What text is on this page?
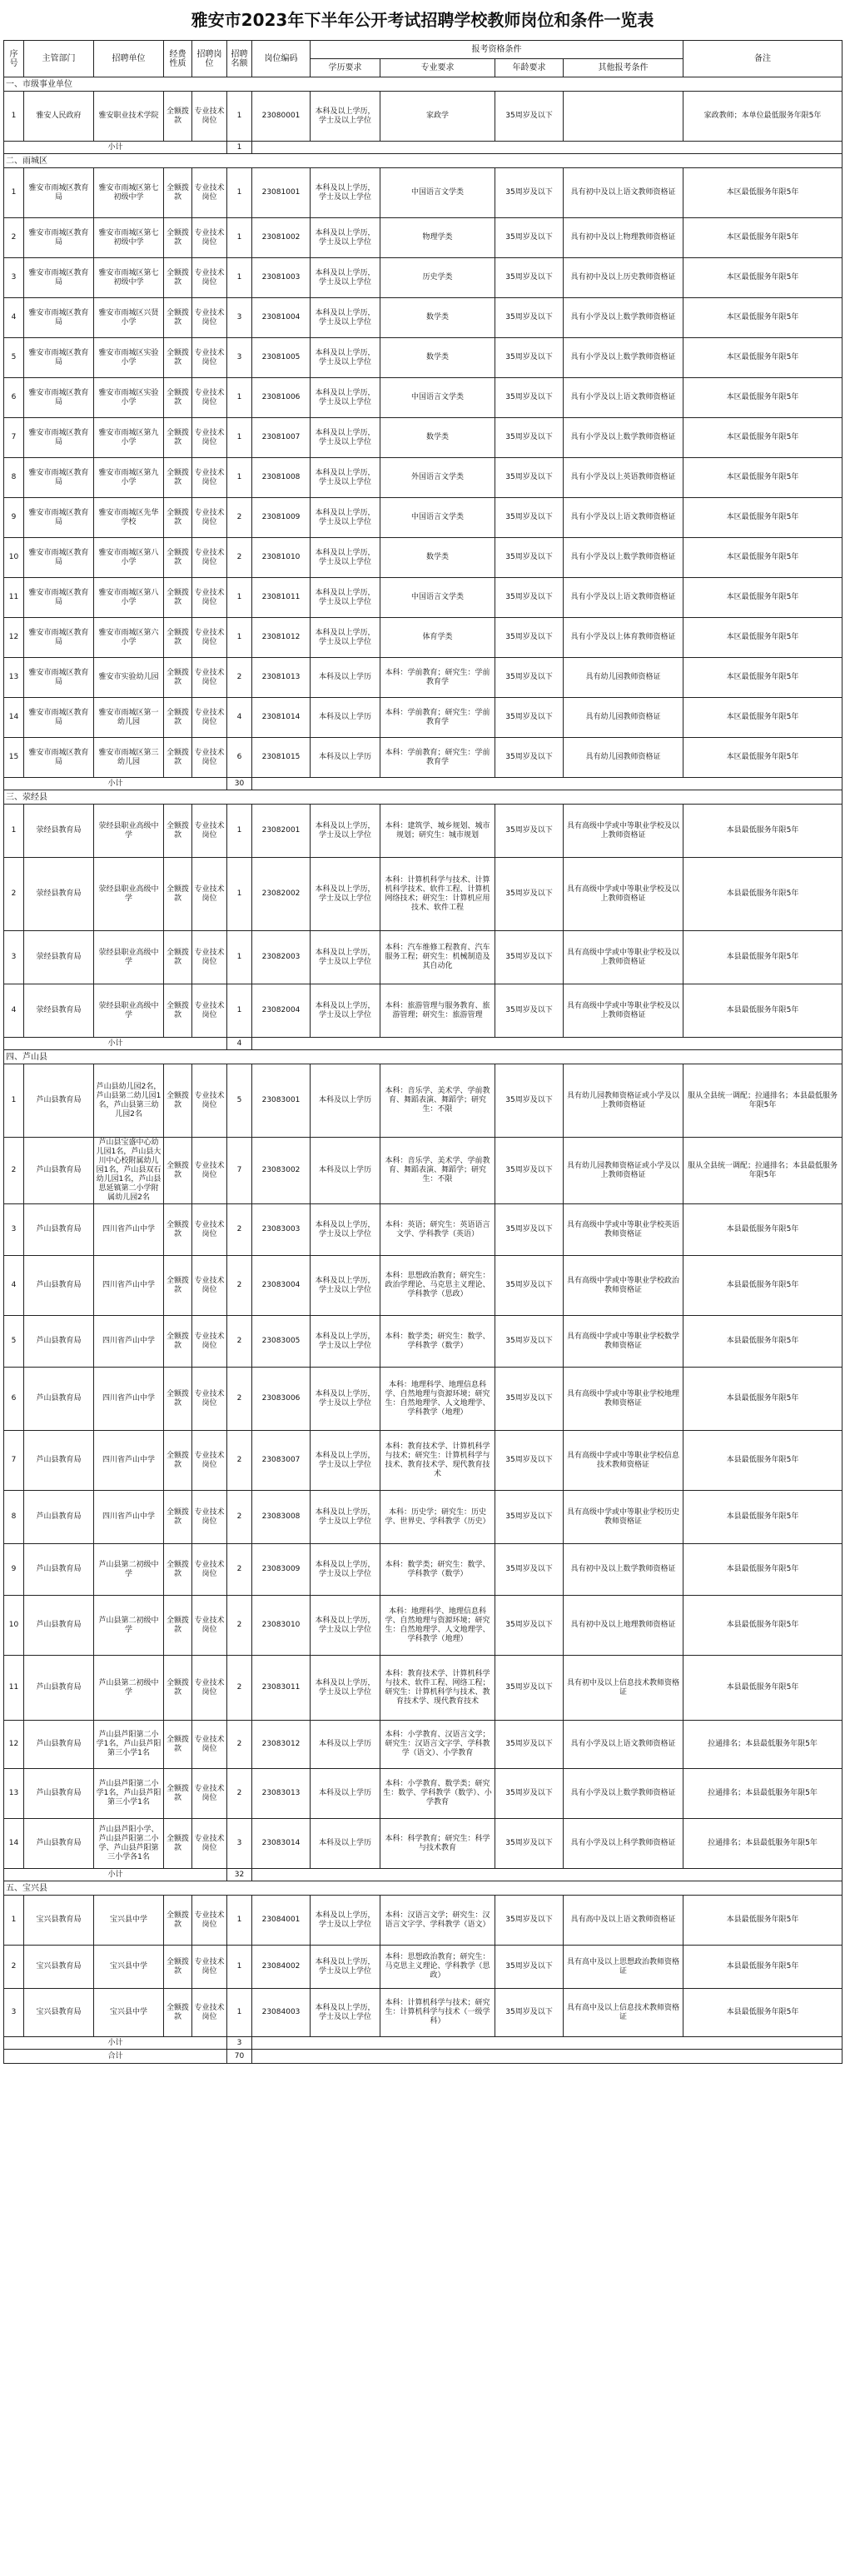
雅安市2023年下半年公开考试招聘学校教师岗位和条件一览表
序号	主管部门	招聘单位	经费性质	招聘岗位	招聘名额	岗位编码	报考资格条件				备注
							学历要求	专业要求	年龄要求	其他报考条件	
一、市级事业单位											
1	雅安人民政府	雅安职业技术学院	全额拨款	专业技术岗位	1	23080001	本科及以上学历，学士及以上学位	家政学	35周岁及以下		家政教师；本单位最低服务年限5年
小计					1						
二、雨城区											
1	雅安市雨城区教育局	雅安市雨城区第七初级中学	全额拨款	专业技术岗位	1	23081001	本科及以上学历，学士及以上学位	中国语言文学类	35周岁及以下	具有初中及以上语文教师资格证	本区最低服务年限5年
2	雅安市雨城区教育局	雅安市雨城区第七初级中学	全额拨款	专业技术岗位	1	23081002	本科及以上学历，学士及以上学位	物理学类	35周岁及以下	具有初中及以上物理教师资格证	本区最低服务年限5年
3	雅安市雨城区教育局	雅安市雨城区第七初级中学	全额拨款	专业技术岗位	1	23081003	本科及以上学历，学士及以上学位	历史学类	35周岁及以下	具有初中及以上历史教师资格证	本区最低服务年限5年
4	雅安市雨城区教育局	雅安市雨城区兴贤小学	全额拨款	专业技术岗位	3	23081004	本科及以上学历，学士及以上学位	数学类	35周岁及以下	具有小学及以上数学教师资格证	本区最低服务年限5年
5	雅安市雨城区教育局	雅安市雨城区实验小学	全额拨款	专业技术岗位	3	23081005	本科及以上学历，学士及以上学位	数学类	35周岁及以下	具有小学及以上数学教师资格证	本区最低服务年限5年
6	雅安市雨城区教育局	雅安市雨城区实验小学	全额拨款	专业技术岗位	1	23081006	本科及以上学历，学士及以上学位	中国语言文学类	35周岁及以下	具有小学及以上语文教师资格证	本区最低服务年限5年
7	雅安市雨城区教育局	雅安市雨城区第九小学	全额拨款	专业技术岗位	1	23081007	本科及以上学历，学士及以上学位	数学类	35周岁及以下	具有小学及以上数学教师资格证	本区最低服务年限5年
8	雅安市雨城区教育局	雅安市雨城区第九小学	全额拨款	专业技术岗位	1	23081008	本科及以上学历，学士及以上学位	外国语言文学类	35周岁及以下	具有小学及以上英语教师资格证	本区最低服务年限5年
9	雅安市雨城区教育局	雅安市雨城区先华学校	全额拨款	专业技术岗位	2	23081009	本科及以上学历，学士及以上学位	中国语言文学类	35周岁及以下	具有小学及以上语文教师资格证	本区最低服务年限5年
10	雅安市雨城区教育局	雅安市雨城区第八小学	全额拨款	专业技术岗位	2	23081010	本科及以上学历，学士及以上学位	数学类	35周岁及以下	具有小学及以上数学教师资格证	本区最低服务年限5年
11	雅安市雨城区教育局	雅安市雨城区第八小学	全额拨款	专业技术岗位	1	23081011	本科及以上学历，学士及以上学位	中国语言文学类	35周岁及以下	具有小学及以上语文教师资格证	本区最低服务年限5年
12	雅安市雨城区教育局	雅安市雨城区第六小学	全额拨款	专业技术岗位	1	23081012	本科及以上学历，学士及以上学位	体育学类	35周岁及以下	具有小学及以上体育教师资格证	本区最低服务年限5年
13	雅安市雨城区教育局	雅安市实验幼儿园	全额拨款	专业技术岗位	2	23081013	本科及以上学历	本科：学前教育；研究生：学前教育学	35周岁及以下	具有幼儿园教师资格证	本区最低服务年限5年
14	雅安市雨城区教育局	雅安市雨城区第一幼儿园	全额拨款	专业技术岗位	4	23081014	本科及以上学历	本科：学前教育；研究生：学前教育学	35周岁及以下	具有幼儿园教师资格证	本区最低服务年限5年
15	雅安市雨城区教育局	雅安市雨城区第三幼儿园	全额拨款	专业技术岗位	6	23081015	本科及以上学历	本科：学前教育；研究生：学前教育学	35周岁及以下	具有幼儿园教师资格证	本区最低服务年限5年
小计					30						
三、荥经县											
1	荥经县教育局	荥经县职业高级中学	全额拨款	专业技术岗位	1	23082001	本科及以上学历，学士及以上学位	本科：建筑学、城乡规划、城市规划；研究生：城市规划	35周岁及以下	具有高级中学或中等职业学校及以上教师资格证	本县最低服务年限5年
2	荥经县教育局	荥经县职业高级中学	全额拨款	专业技术岗位	1	23082002	本科及以上学历，学士及以上学位	本科：计算机科学与技术、计算机科学技术、软件工程、计算机网络技术；研究生：计算机应用技术、软件工程	35周岁及以下	具有高级中学或中等职业学校及以上教师资格证	本县最低服务年限5年
3	荥经县教育局	荥经县职业高级中学	全额拨款	专业技术岗位	1	23082003	本科及以上学历，学士及以上学位	本科：汽车维修工程教育、汽车服务工程；研究生：机械制造及其自动化	35周岁及以下	具有高级中学或中等职业学校及以上教师资格证	本县最低服务年限5年
4	荥经县教育局	荥经县职业高级中学	全额拨款	专业技术岗位	1	23082004	本科及以上学历，学士及以上学位	本科：旅游管理与服务教育、旅游管理；研究生：旅游管理	35周岁及以下	具有高级中学或中等职业学校及以上教师资格证	本县最低服务年限5年
小计					4						
四、芦山县											
1	芦山县教育局	芦山县幼儿园2名，芦山县第二幼儿园1名，芦山县第三幼儿园2名	全额拨款	专业技术岗位	5	23083001	本科及以上学历	本科：音乐学、美术学、学前教育、舞蹈表演、舞蹈学；研究生：不限	35周岁及以下	具有幼儿园教师资格证或小学及以上教师资格证	服从全县统一调配；拉通排名；本县最低服务年限5年
2	芦山县教育局	芦山县宝盛中心幼儿园1名，芦山县大川中心校附属幼儿园1名，芦山县双石幼儿园1名，芦山县思延镇第二小学附属幼儿园2名	全额拨款	专业技术岗位	7	23083002	本科及以上学历	本科：音乐学、美术学、学前教育、舞蹈表演、舞蹈学；研究生：不限	35周岁及以下	具有幼儿园教师资格证或小学及以上教师资格证	服从全县统一调配；拉通排名；本县最低服务年限5年
3	芦山县教育局	四川省芦山中学	全额拨款	专业技术岗位	2	23083003	本科及以上学历，学士及以上学位	本科：英语；研究生：英语语言文学、学科教学（英语）	35周岁及以下	具有高级中学或中等职业学校英语教师资格证	本县最低服务年限5年
4	芦山县教育局	四川省芦山中学	全额拨款	专业技术岗位	2	23083004	本科及以上学历，学士及以上学位	本科：思想政治教育；研究生：政治学理论、马克思主义理论、学科教学（思政）	35周岁及以下	具有高级中学或中等职业学校政治教师资格证	本县最低服务年限5年
5	芦山县教育局	四川省芦山中学	全额拨款	专业技术岗位	2	23083005	本科及以上学历，学士及以上学位	本科：数学类；研究生：数学、学科教学（数学）	35周岁及以下	具有高级中学或中等职业学校数学教师资格证	本县最低服务年限5年
6	芦山县教育局	四川省芦山中学	全额拨款	专业技术岗位	2	23083006	本科及以上学历，学士及以上学位	本科：地理科学、地理信息科学、自然地理与资源环境；研究生：自然地理学、人文地理学、学科教学（地理）	35周岁及以下	具有高级中学或中等职业学校地理教师资格证	本县最低服务年限5年
7	芦山县教育局	四川省芦山中学	全额拨款	专业技术岗位	2	23083007	本科及以上学历，学士及以上学位	本科：教育技术学、计算机科学与技术；研究生：计算机科学与技术、教育技术学、现代教育技术	35周岁及以下	具有高级中学或中等职业学校信息技术教师资格证	本县最低服务年限5年
8	芦山县教育局	四川省芦山中学	全额拨款	专业技术岗位	2	23083008	本科及以上学历，学士及以上学位	本科：历史学；研究生：历史学、世界史、学科教学（历史）	35周岁及以下	具有高级中学或中等职业学校历史教师资格证	本县最低服务年限5年
9	芦山县教育局	芦山县第二初级中学	全额拨款	专业技术岗位	2	23083009	本科及以上学历，学士及以上学位	本科：数学类；研究生：数学、学科教学（数学）	35周岁及以下	具有初中及以上数学教师资格证	本县最低服务年限5年
10	芦山县教育局	芦山县第二初级中学	全额拨款	专业技术岗位	2	23083010	本科及以上学历，学士及以上学位	本科：地理科学、地理信息科学、自然地理与资源环境；研究生：自然地理学、人文地理学、学科教学（地理）	35周岁及以下	具有初中及以上地理教师资格证	本县最低服务年限5年
11	芦山县教育局	芦山县第二初级中学	全额拨款	专业技术岗位	2	23083011	本科及以上学历，学士及以上学位	本科：教育技术学、计算机科学与技术、软件工程、网络工程；研究生：计算机科学与技术、教育技术学、现代教育技术	35周岁及以下	具有初中及以上信息技术教师资格证	本县最低服务年限5年
12	芦山县教育局	芦山县芦阳第二小学1名，芦山县芦阳第三小学1名	全额拨款	专业技术岗位	2	23083012	本科及以上学历	本科：小学教育、汉语言文学；研究生：汉语言文字学、学科教学（语文）、小学教育	35周岁及以下	具有小学及以上语文教师资格证	拉通排名；本县最低服务年限5年
13	芦山县教育局	芦山县芦阳第二小学1名，芦山县芦阳第三小学1名	全额拨款	专业技术岗位	2	23083013	本科及以上学历	本科：小学教育、数学类；研究生：数学、学科教学（数学）、小学教育	35周岁及以下	具有小学及以上数学教师资格证	拉通排名；本县最低服务年限5年
14	芦山县教育局	芦山县芦阳小学、芦山县芦阳第二小学、芦山县芦阳第三小学各1名	全额拨款	专业技术岗位	3	23083014	本科及以上学历	本科：科学教育；研究生：科学与技术教育	35周岁及以下	具有小学及以上科学教师资格证	拉通排名；本县最低服务年限5年
小计					32						
五、宝兴县											
1	宝兴县教育局	宝兴县中学	全额拨款	专业技术岗位	1	23084001	本科及以上学历，学士及以上学位	本科：汉语言文学；研究生：汉语言文字学、学科教学（语文）	35周岁及以下	具有高中及以上语文教师资格证	本县最低服务年限5年
2	宝兴县教育局	宝兴县中学	全额拨款	专业技术岗位	1	23084002	本科及以上学历，学士及以上学位	本科：思想政治教育；研究生：马克思主义理论、学科教学（思政）	35周岁及以下	具有高中及以上思想政治教师资格证	本县最低服务年限5年
3	宝兴县教育局	宝兴县中学	全额拨款	专业技术岗位	1	23084003	本科及以上学历，学士及以上学位	本科：计算机科学与技术；研究生：计算机科学与技术（一级学科）	35周岁及以下	具有高中及以上信息技术教师资格证	本县最低服务年限5年
小计					3						
合计					70						
